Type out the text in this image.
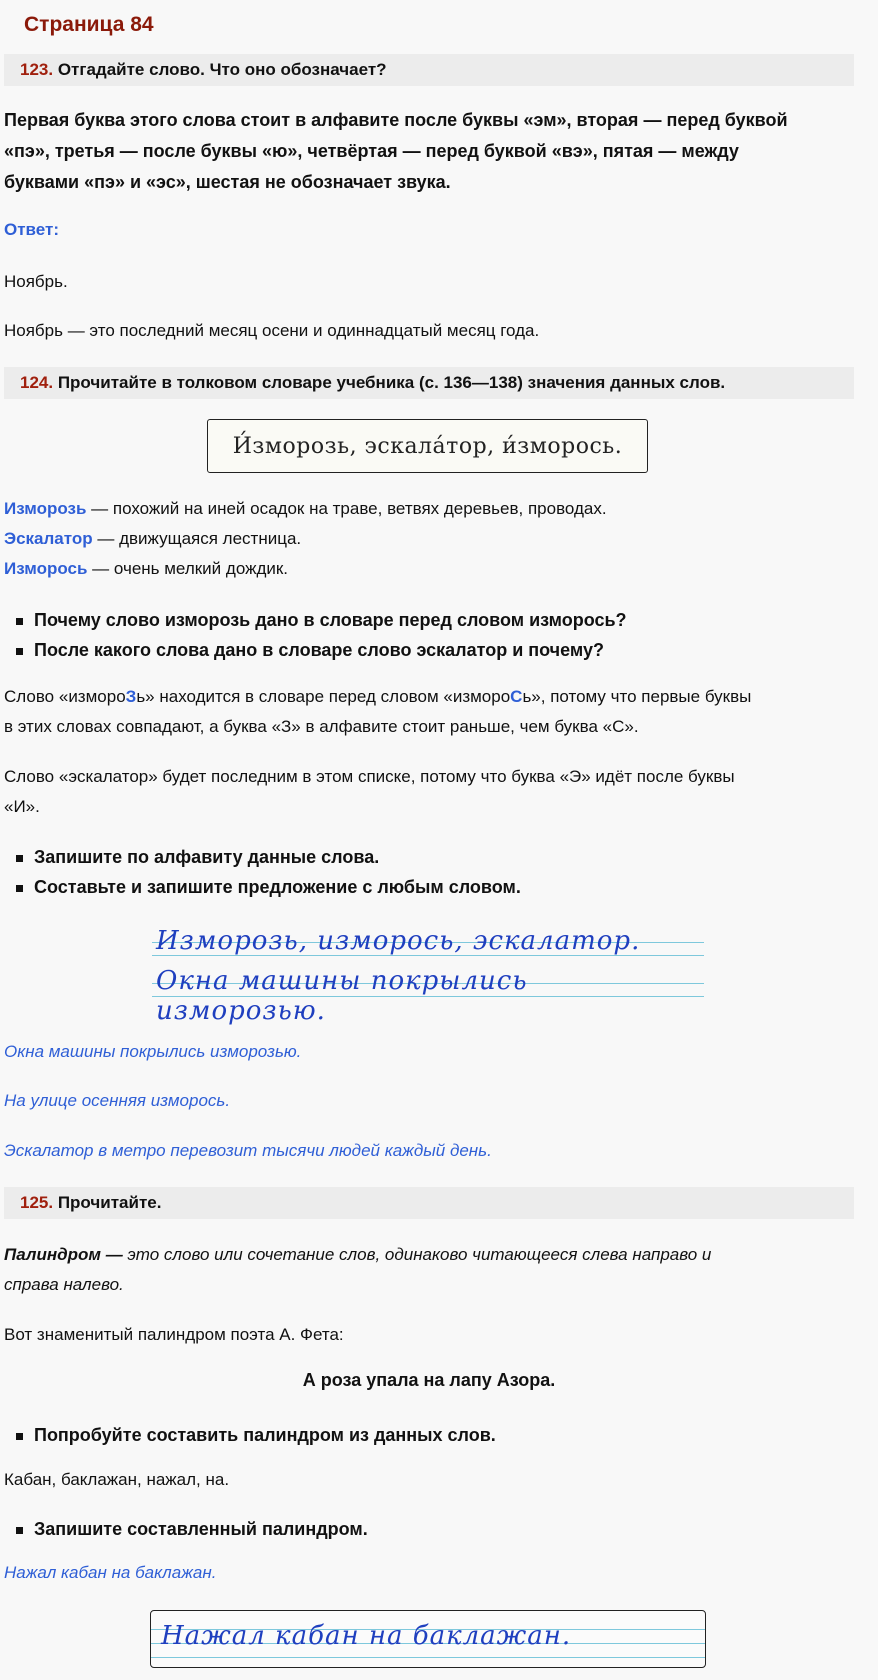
Страница 84
123. Отгадайте слово. Что оно обозначает?
Первая буква этого слова стоит в алфавите после буквы «эм», вторая — перед буквой
«пэ», третья — после буквы «ю», четвёртая — перед буквой «вэ», пятая — между
буквами «пэ» и «эс», шестая не обозначает звука.
Ответ:
Ноябрь.
Ноябрь — это последний месяц осени и одиннадцатый месяц года.
124. Прочитайте в толковом словаре учебника (с. 136—138) значения данных слов.
И́зморозь, эскала́тор, и́зморось.
Изморозь — похожий на иней осадок на траве, ветвях деревьев, проводах.
Эскалатор — движущаяся лестница.
Изморось — очень мелкий дождик.
Почему слово изморозь дано в словаре перед словом изморось?
После какого слова дано в словаре слово эскалатор и почему?
Слово «измороЗь» находится в словаре перед словом «измороСь», потому что первые буквы
в этих словах совпадают, а буква «З» в алфавите стоит раньше, чем буква «С».
Слово «эскалатор» будет последним в этом списке, потому что буква «Э» идёт после буквы
«И».
Запишите по алфавиту данные слова.
Составьте и запишите предложение с любым словом.
Изморозь, изморось, эскалатор.
Окна машины покрылись изморозью.
Окна машины покрылись изморозью.
На улице осенняя изморось.
Эскалатор в метро перевозит тысячи людей каждый день.
125. Прочитайте.
Палиндром — это слово или сочетание слов, одинаково читающееся слева направо и
справа налево.
Вот знаменитый палиндром поэта А. Фета:
А роза упала на лапу Азора.
Попробуйте составить палиндром из данных слов.
Кабан, баклажан, нажал, на.
Запишите составленный палиндром.
Нажал кабан на баклажан.
Нажал кабан на баклажан.
